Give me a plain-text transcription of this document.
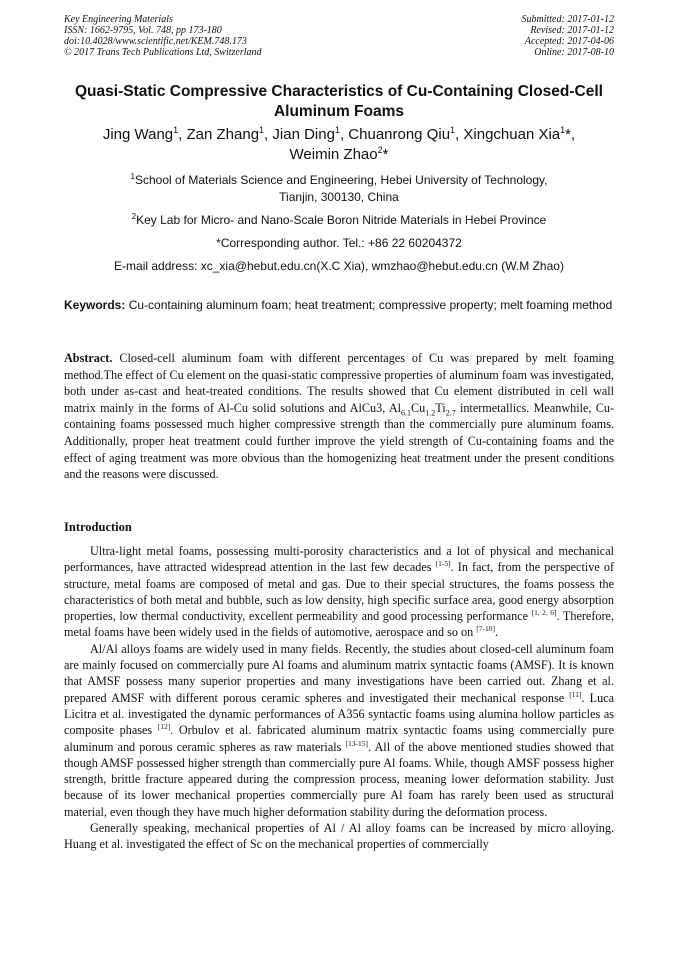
Key Engineering Materials
ISSN: 1662-9795, Vol. 748, pp 173-180
doi:10.4028/www.scientific.net/KEM.748.173
© 2017 Trans Tech Publications Ltd, Switzerland
Submitted: 2017-01-12
Revised: 2017-01-12
Accepted: 2017-04-06
Online: 2017-08-10
Quasi-Static Compressive Characteristics of Cu-Containing Closed-Cell Aluminum Foams
Jing Wang$^1$, Zan Zhang$^1$, Jian Ding$^1$, Chuanrong Qiu$^1$, Xingchuan Xia$^1$*,
Weimin Zhao$^2$*
$^1$School of Materials Science and Engineering, Hebei University of Technology,
Tianjin, 300130, China
$^2$Key Lab for Micro- and Nano-Scale Boron Nitride Materials in Hebei Province
*Corresponding author. Tel.: +86 22 60204372
E-mail address: xc_xia@hebut.edu.cn(X.C Xia), wmzhao@hebut.edu.cn (W.M Zhao)
Keywords: Cu-containing aluminum foam; heat treatment; compressive property; melt foaming method
Abstract. Closed-cell aluminum foam with different percentages of Cu was prepared by melt foaming method.The effect of Cu element on the quasi-static compressive properties of aluminum foam was investigated, both under as-cast and heat-treated conditions. The results showed that Cu element distributed in cell wall matrix mainly in the forms of Al-Cu solid solutions and AlCu3, $Al_{6.1}Cu_{1.2}Ti_{2.7}$ intermetallics. Meanwhile, Cu-containing foams possessed much higher compressive strength than the commercially pure aluminum foams. Additionally, proper heat treatment could further improve the yield strength of Cu-containing foams and the effect of aging treatment was more obvious than the homogenizing heat treatment under the present conditions and the reasons were discussed.
Introduction

Ultra-light metal foams, possessing multi-porosity characteristics and a lot of physical and mechanical performances, have attracted widespread attention in the last few decades [1-5]. In fact, from the perspective of structure, metal foams are composed of metal and gas. Due to their special structures, the foams possess the characteristics of both metal and bubble, such as low density, high specific surface area, good energy absorption properties, low thermal conductivity, excellent permeability and good processing performance [1, 2, 6]. Therefore, metal foams have been widely used in the fields of automotive, aerospace and so on [7-10].

Al/Al alloys foams are widely used in many fields. Recently, the studies about closed-cell aluminum foam are mainly focused on commercially pure Al foams and aluminum matrix syntactic foams (AMSF). It is known that AMSF possess many superior properties and many investigations have been carried out. Zhang et al. prepared AMSF with different porous ceramic spheres and investigated their mechanical response [11]. Luca Licitra et al. investigated the dynamic performances of A356 syntactic foams using alumina hollow particles as composite phases [12]. Orbulov et al. fabricated aluminum matrix syntactic foams using commercially pure aluminum and porous ceramic spheres as raw materials [13-15]. All of the above mentioned studies showed that though AMSF possessed higher strength than commercially pure Al foams. While, though AMSF possess higher strength, brittle fracture appeared during the compression process, meaning lower deformation stability. Just because of its lower mechanical properties commercially pure Al foam has rarely been used as structural material, even though they have much higher deformation stability during the deformation process.

Generally speaking, mechanical properties of Al / Al alloy foams can be increased by micro alloying. Huang et al. investigated the effect of Sc on the mechanical properties of commercially
